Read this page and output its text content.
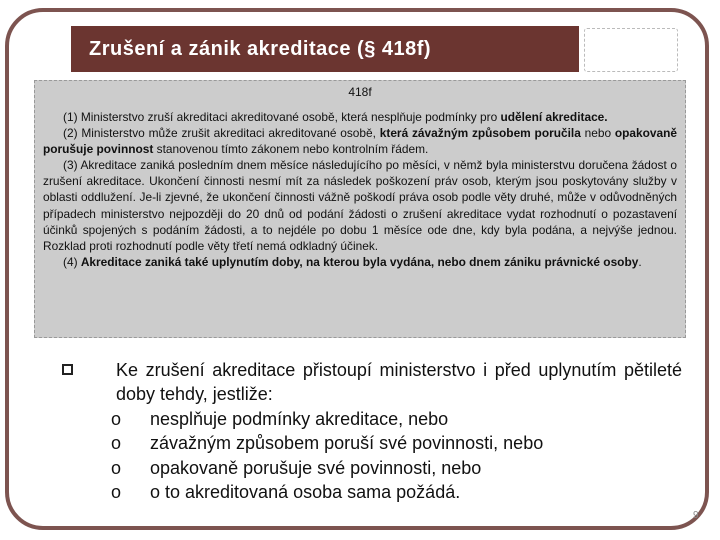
Zrušení a zánik akreditace (§ 418f)
418f

(1) Ministerstvo zruší akreditaci akreditované osobě, která nesplňuje podmínky pro udělení akreditace.

(2) Ministerstvo může zrušit akreditaci akreditované osobě, která závažným způsobem poručila nebo opakovaně porušuje povinnost stanovenou tímto zákonem nebo kontrolním řádem.

(3) Akreditace zaniká posledním dnem měsíce následujícího po měsíci, v němž byla ministerstvu doručena žádost o zrušení akreditace. Ukončení činnosti nesmí mít za následek poškození práv osob, kterým jsou poskytovány služby v oblasti oddlužení. Je-li zjevné, že ukončení činnosti vážně poškodí práva osob podle věty druhé, může v odůvodněných případech ministerstvo nejpozději do 20 dnů od podání žádosti o zrušení akreditace vydat rozhodnutí o pozastavení účinků spojených s podáním žádosti, a to nejdéle po dobu 1 měsíce ode dne, kdy byla podána, a nejvýše jednou. Rozklad proti rozhodnutí podle věty třetí nemá odkladný účinek.

(4) Akreditace zaniká také uplynutím doby, na kterou byla vydána, nebo dnem zániku právnické osoby.

Ke zrušení akreditace přistoupí ministerstvo i před uplynutím pětileté doby tehdy, jestliže:
o nesplňuje podmínky akreditace, nebo
o závažným způsobem poruší své povinnosti, nebo
o opakovaně porušuje své povinnosti, nebo
o o to akreditovaná osoba sama požádá.
9
